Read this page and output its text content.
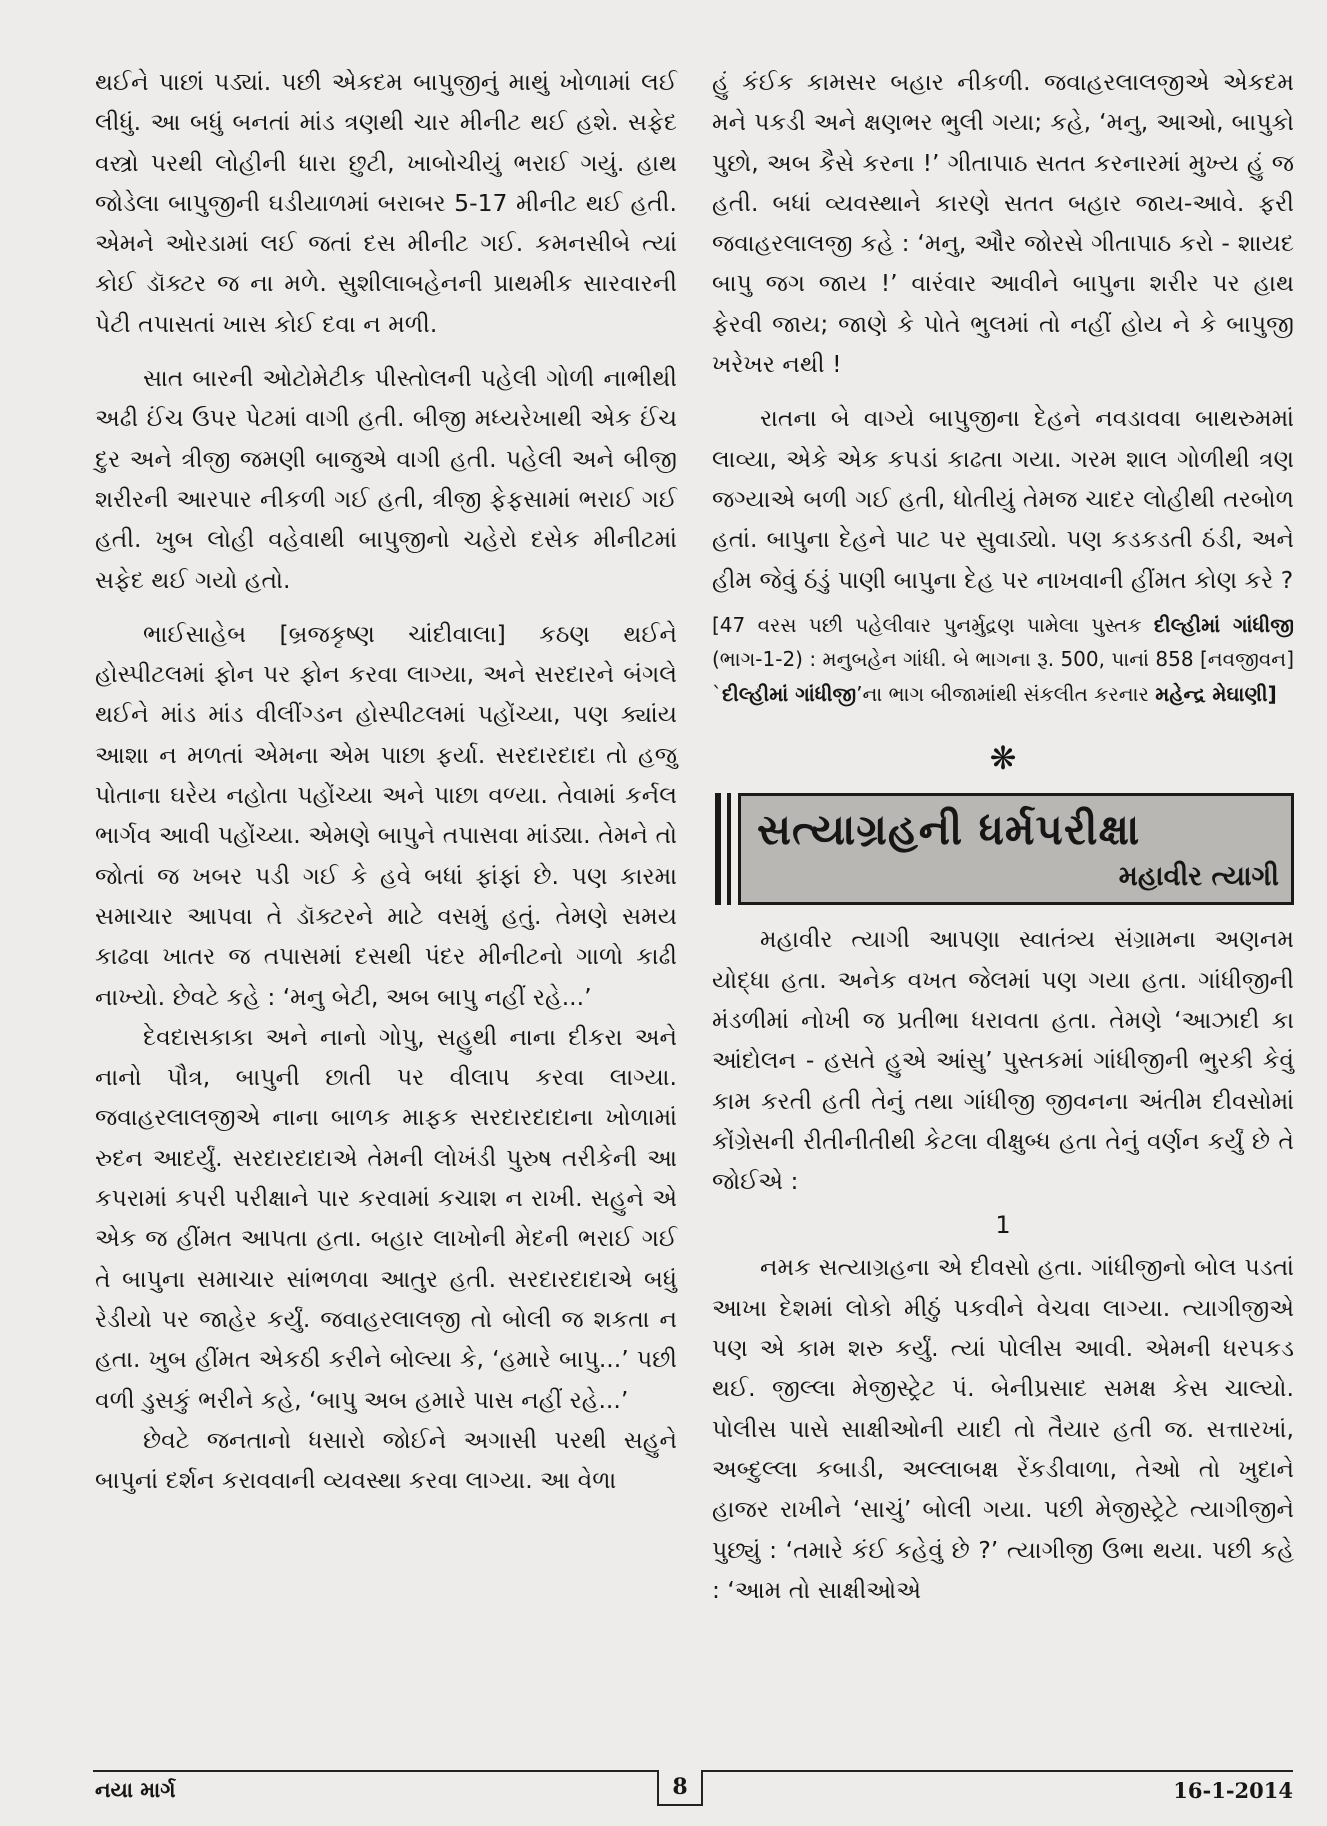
થઈને પાછાં પડ્યાં. પછી એકદમ બાપુજીનું માથું ખોળામાં લઈ લીધું. આ બધું બનતાં માંડ ત્રણથી ચાર મીનીટ થઈ હશે. સફેદ વસ્ત્રો પરથી લોહીની ધારા છુટી, ખાબોચીયું ભરાઈ ગયું. હાથ જોડેલા બાપુજીની ઘડીયાળમાં બરાબર 5-17 મીનીટ થઈ હતી. એમને ઓરડામાં લઈ જતાં દસ મીનીટ ગઈ. કમનસીબે ત્યાં કોઈ ડૉક્ટર જ ના મળે. સુશીલાબહેનની પ્રાથમીક સારવારની પેટી તપાસતાં ખાસ કોઈ દવા ન મળી.

સાત બારની ઓટોમેટીક પીસ્તોલની પહેલી ગોળી નાભીથી અઢી ઈંચ ઉપર પેટમાં વાગી હતી. બીજી મધ્યરેખાથી એક ઈંચ દુર અને ત્રીજી જમણી બાજુએ વાગી હતી. પહેલી અને બીજી શરીરની આરપાર નીકળી ગઈ હતી, ત્રીજી ફેફસામાં ભરાઈ ગઈ હતી. ખુબ લોહી વહેવાથી બાપુજીનો ચહેરો દસેક મીનીટમાં સફેદ થઈ ગયો હતો.

ભાઈસાહેબ [બ્રજકૃષ્ણ ચાંદીવાલા] કઠણ થઈને હોસ્પીટલમાં ફોન પર ફોન કરવા લાગ્યા, અને સરદારને બંગલે થઈને માંડ માંડ વીલીંગ્ડન હોસ્પીટલમાં પહોંચ્યા, પણ ક્યાંય આશા ન મળતાં એમના એમ પાછા ફર્યા. સરદારદાદા તો હજુ પોતાના ઘરેય નહોતા પહોંચ્યા અને પાછા વળ્યા. તેવામાં કર્નલ ભાર્ગવ આવી પહોંચ્યા. એમણે બાપુને તપાસવા માંડ્યા. તેમને તો જોતાં જ ખબર પડી ગઈ કે હવે બધાં ફાંફાં છે. પણ કારમા સમાચાર આપવા તે ડૉક્ટરને માટે વસમું હતું. તેમણે સમય કાઢવા ખાતર જ તપાસમાં દસથી પંદર મીનીટનો ગાળો કાઢી નાખ્યો. છેવટે કહે : ‘મનુ બેટી, અબ બાપુ નહીં રહે...’

દેવદાસકાકા અને નાનો ગોપુ, સહુથી નાના દીકરા અને નાનો પૌત્ર, બાપુની છાતી પર વીલાપ કરવા લાગ્યા. જવાહરલાલજીએ નાના બાળક માફક સરદારદાદાના ખોળામાં રુદન આદર્યું. સરદારદાદાએ તેમની લોખંડી પુરુષ તરીકેની આ કપરામાં કપરી પરીક્ષાને પાર કરવામાં કચાશ ન રાખી. સહુને એ એક જ હીંમત આપતા હતા. બહાર લાખોની મેદની ભરાઈ ગઈ તે બાપુના સમાચાર સાંભળવા આતુર હતી. સરદારદાદાએ બધું રેડીયો પર જાહેર કર્યું. જવાહરલાલજી તો બોલી જ શકતા ન હતા. ખુબ હીંમત એકઠી કરીને બોલ્યા કે, ‘હમારે બાપુ...’ પછી વળી ડુસકું ભરીને કહે, ‘બાપુ અબ હમારે પાસ નહીં રહે...’

છેવટે જનતાનો ધસારો જોઈને અગાસી પરથી સહુને બાપુનાં દર્શન કરાવવાની વ્યવસ્થા કરવા લાગ્યા. આ વેળા

હું કંઈક કામસર બહાર નીકળી. જવાહરલાલજીએ એકદમ મને પકડી અને ક્ષણભર ભુલી ગયા; કહે, ‘મનુ, આઓ, બાપુકો પુછો, અબ કૈસે કરના !’ ગીતાપાઠ સતત કરનારમાં મુખ્ય હું જ હતી. બધાં વ્યવસ્થાને કારણે સતત બહાર જાય-આવે. ફરી જવાહરલાલજી કહે : ‘મનુ, ઔર જોરસે ગીતાપાઠ કરો - શાયદ બાપુ જગ જાય !’ વારંવાર આવીને બાપુના શરીર પર હાથ ફેરવી જાય; જાણે કે પોતે ભુલમાં તો નહીં હોય ને કે બાપુજી ખરેખર નથી !

રાતના બે વાગ્યે બાપુજીના દેહને નવડાવવા બાથરુમમાં લાવ્યા, એકે એક કપડાં કાઢતા ગયા. ગરમ શાલ ગોળીથી ત્રણ જગ્યાએ બળી ગઈ હતી, ધોતીયું તેમજ ચાદર લોહીથી તરબોળ હતાં. બાપુના દેહને પાટ પર સુવાડ્યો. પણ કડકડતી ઠંડી, અને હીમ જેવું ઠંડું પાણી બાપુના દેહ પર નાખવાની હીંમત કોણ કરે ?

[47 વરસ પછી પહેલીવાર પુનર્મુદ્રણ પામેલા પુસ્તક દીલ્હીમાં ગાંધીજી (ભાગ-1-2) : મનુબહેન ગાંધી. બે ભાગના રૂ. 500, પાનાં 858 [નવજીવન] `દીલ્હીમાં ગાંધીજી’ના ભાગ બીજામાંથી સંકલીત કરનાર મહેન્દ્ર મેઘાણી]

❋

સત્યાગ્રહની ધર્મપરીક્ષા
મહાવીર ત્યાગી

મહાવીર ત્યાગી આપણા સ્વાતંત્ર્ય સંગ્રામના અણનમ યોદ્ધા હતા. અનેક વખત જેલમાં પણ ગયા હતા. ગાંધીજીની મંડળીમાં નોખી જ પ્રતીભા ધરાવતા હતા. તેમણે ‘આઝાદી કા આંદોલન - હસતે હુએ આંસુ’ પુસ્તકમાં ગાંધીજીની ભુરકી કેવું કામ કરતી હતી તેનું તથા ગાંધીજી જીવનના અંતીમ દીવસોમાં કોંગ્રેસની રીતીનીતીથી કેટલા વીક્ષુબ્ધ હતા તેનું વર્ણન કર્યું છે તે જોઈએ :

1

નમક સત્યાગ્રહના એ દીવસો હતા. ગાંધીજીનો બોલ પડતાં આખા દેશમાં લોકો મીઠું પકવીને વેચવા લાગ્યા. ત્યાગીજીએ પણ એ કામ શરુ કર્યું. ત્યાં પોલીસ આવી. એમની ધરપકડ થઈ. જીલ્લા મેજીસ્ટ્રેટ પં. બેનીપ્રસાદ સમક્ષ કેસ ચાલ્યો. પોલીસ પાસે સાક્ષીઓની યાદી તો તૈયાર હતી જ. સત્તારખાં, અબ્દુલ્લા કબાડી, અલ્લાબક્ષ રેંકડીવાળા, તેઓ તો ખુદાને હાજર રાખીને ‘સાચું’ બોલી ગયા. પછી મેજીસ્ટ્રેટે ત્યાગીજીને પુછ્યું : ‘તમારે કંઈ કહેવું છે ?’ ત્યાગીજી ઉભા થયા. પછી કહે : ‘આમ તો સાક્ષીઓએ

નયા માર્ગ	8	16-1-2014
